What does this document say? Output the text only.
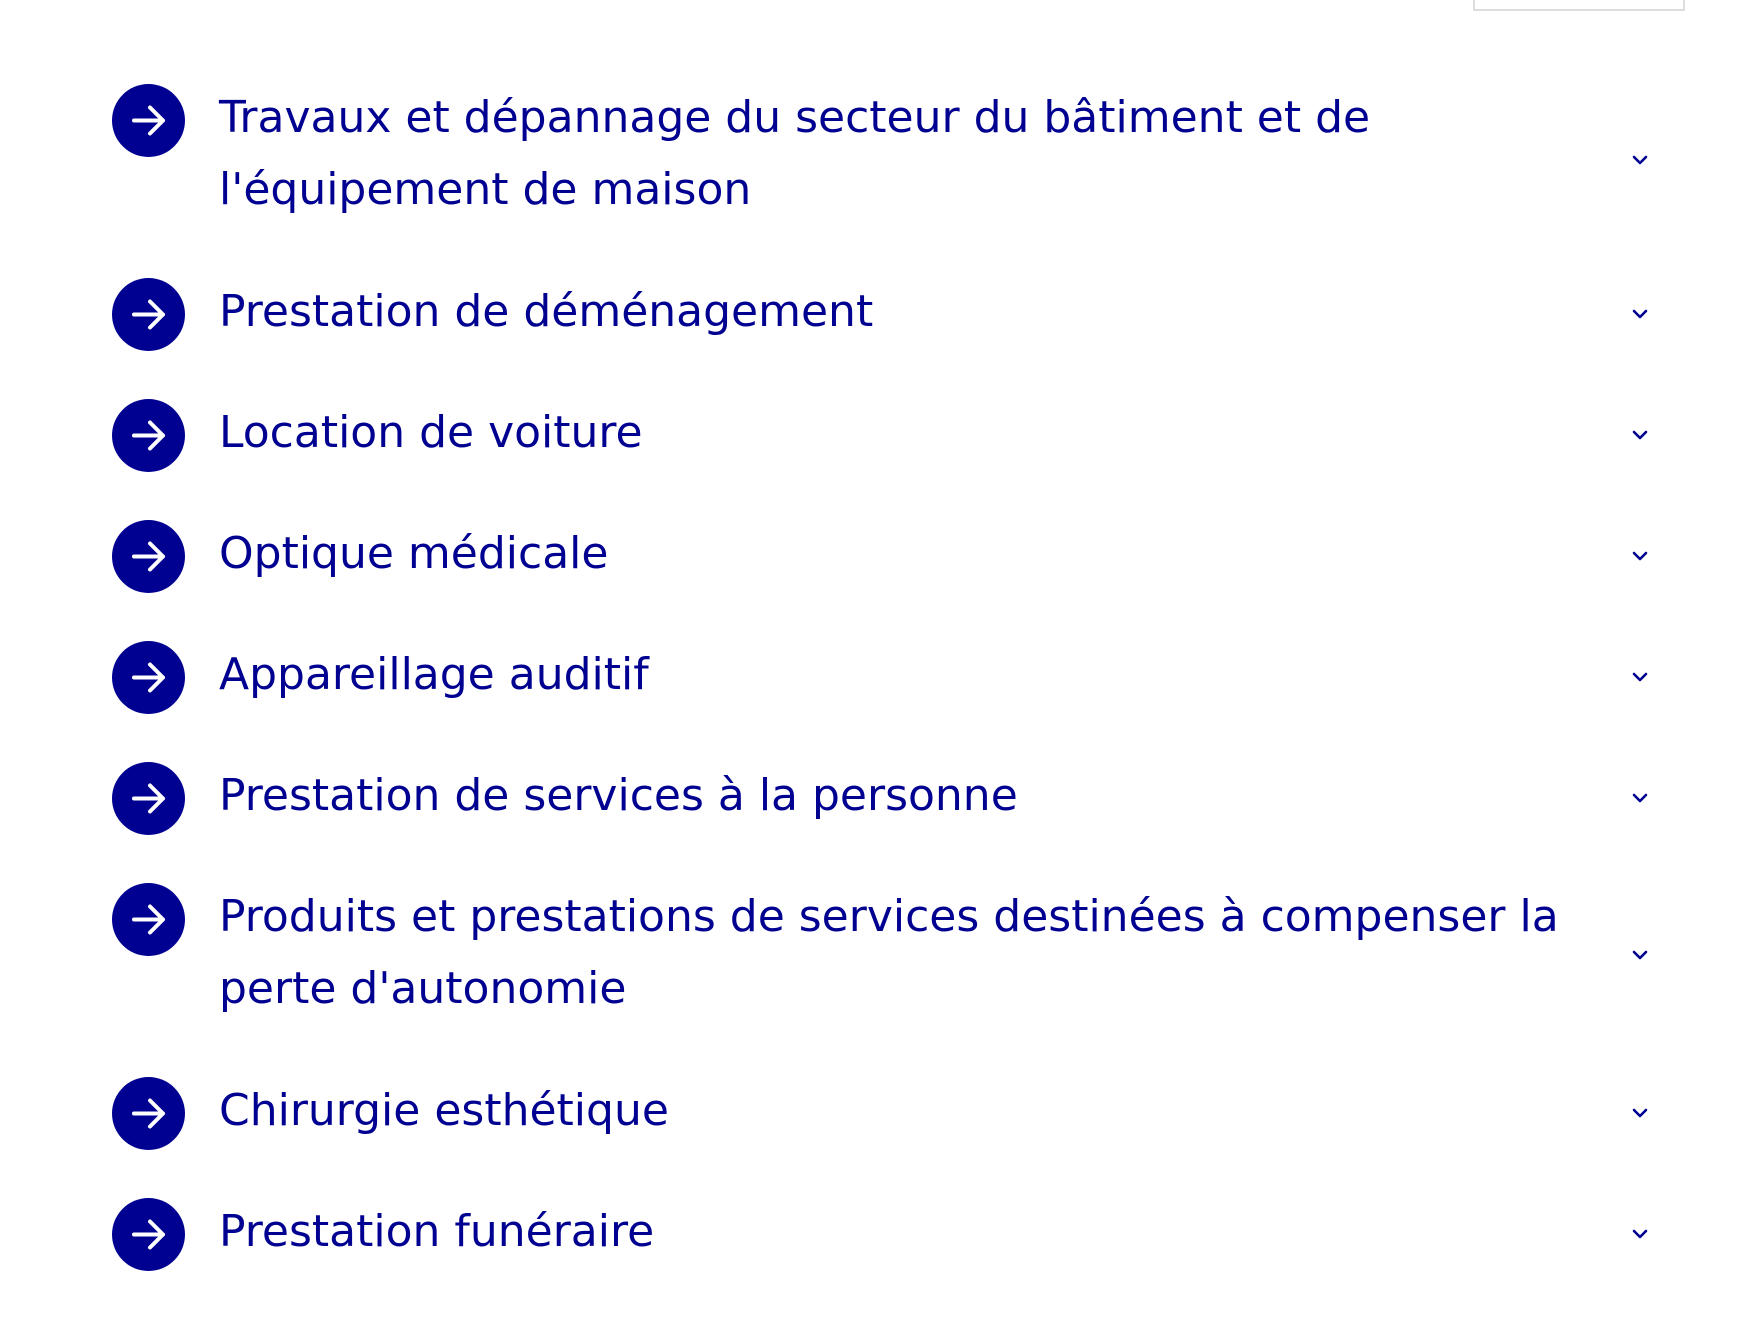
Travaux et dépannage du secteur du bâtiment et de
l'équipement de maison
Prestation de déménagement
Location de voiture
Optique médicale
Appareillage auditif
Prestation de services à la personne
Produits et prestations de services destinées à compenser la
perte d'autonomie
Chirurgie esthétique
Prestation funéraire
